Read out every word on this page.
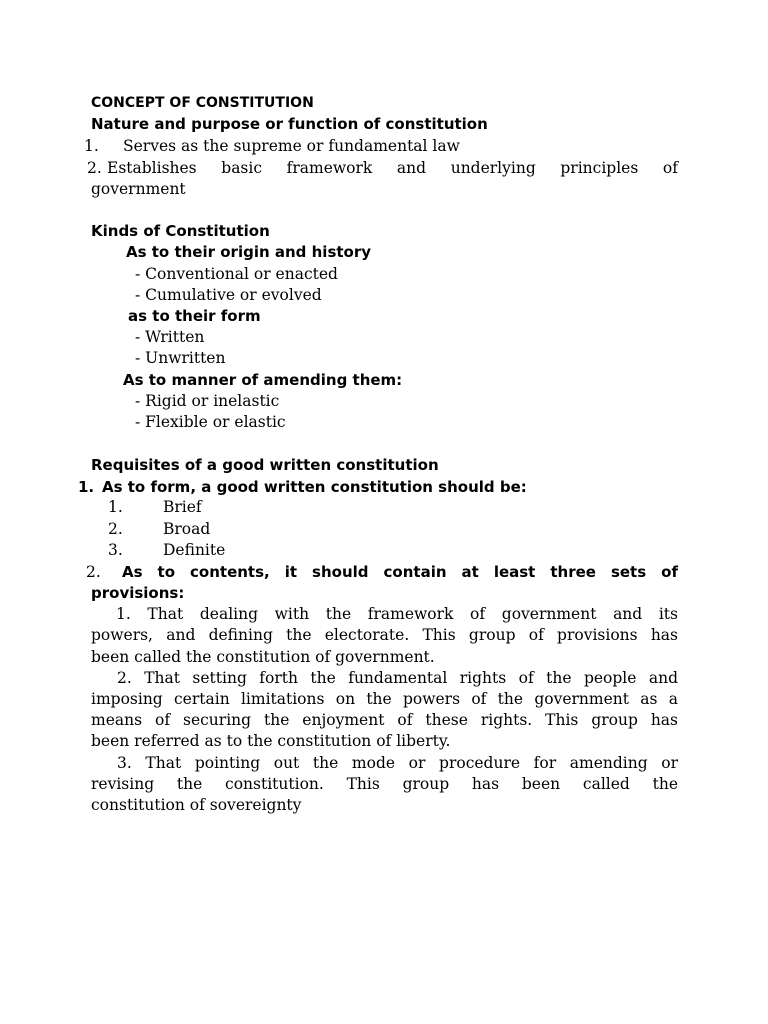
CONCEPT OF CONSTITUTION
Nature and purpose or function of constitution
1. Serves as the supreme or fundamental law
2. Establishes basic framework and underlying principles of
government
Kinds of Constitution
As to their origin and history
- Conventional or enacted
- Cumulative or evolved
as to their form
- Written
- Unwritten
As to manner of amending them:
- Rigid or inelastic
- Flexible or elastic
Requisites of a good written constitution
1. As to form, a good written constitution should be:
1.	Brief
2.	Broad
3.	Definite
2. As to contents, it should contain at least three sets of
provisions:
1. That dealing with the framework of government and its
powers, and defining the electorate. This group of provisions has
been called the constitution of government.
2. That setting forth the fundamental rights of the people and
imposing certain limitations on the powers of the government as a
means of securing the enjoyment of these rights. This group has
been referred as to the constitution of liberty.
3. That pointing out the mode or procedure for amending or
revising the constitution. This group has been called the
constitution of sovereignty
